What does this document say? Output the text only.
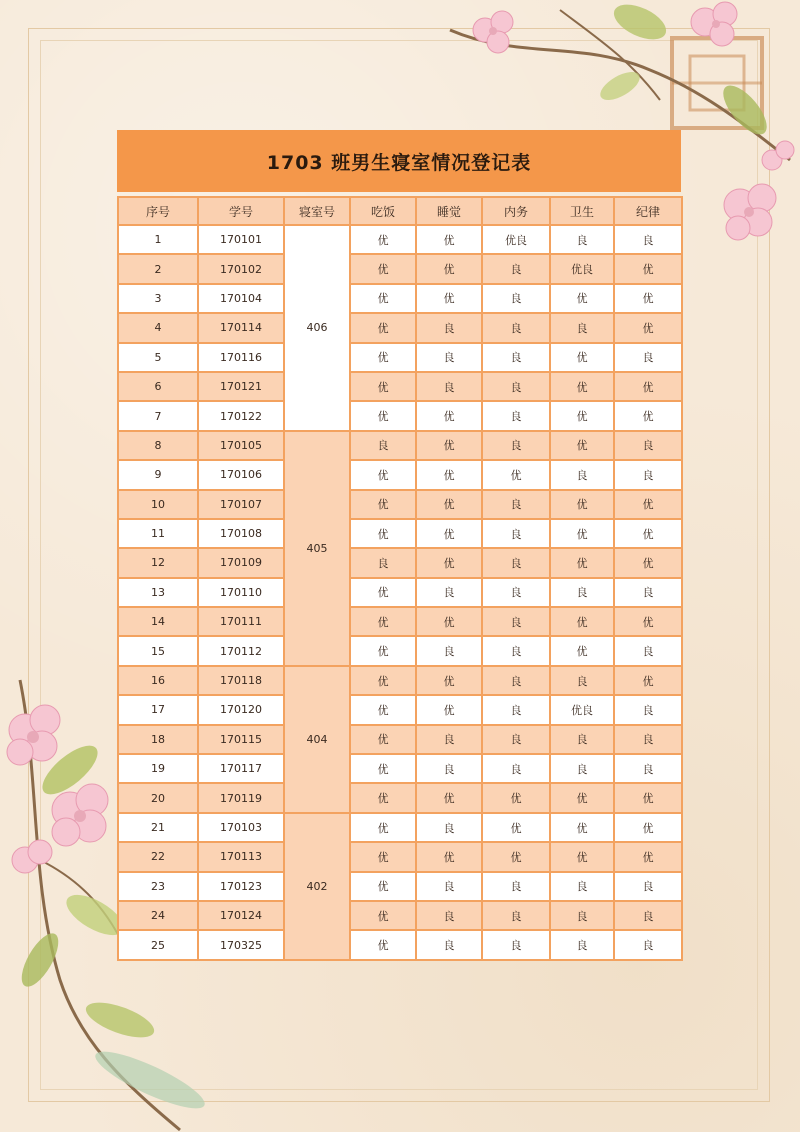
1703 班男生寝室情况登记表
序号	学号	寝室号	吃饭	睡觉	内务	卫生	纪律
1	170101	406	优	优	优良	良	良
2	170102		优	优	良	优良	优
3	170104		优	优	良	优	优
4	170114		优	良	良	良	优
5	170116		优	良	良	优	良
6	170121		优	良	良	优	优
7	170122		优	优	良	优	优
8	170105	405	良	优	良	优	良
9	170106		优	优	优	良	良
10	170107		优	优	良	优	优
11	170108		优	优	良	优	优
12	170109		良	优	良	优	优
13	170110		优	良	良	良	良
14	170111		优	优	良	优	优
15	170112		优	良	良	优	良
16	170118	404	优	优	良	良	优
17	170120		优	优	良	优良	良
18	170115		优	良	良	良	良
19	170117		优	良	良	良	良
20	170119		优	优	优	优	优
21	170103	402	优	良	优	优	优
22	170113		优	优	优	优	优
23	170123		优	良	良	良	良
24	170124		优	良	良	良	良
25	170325		优	良	良	良	良
